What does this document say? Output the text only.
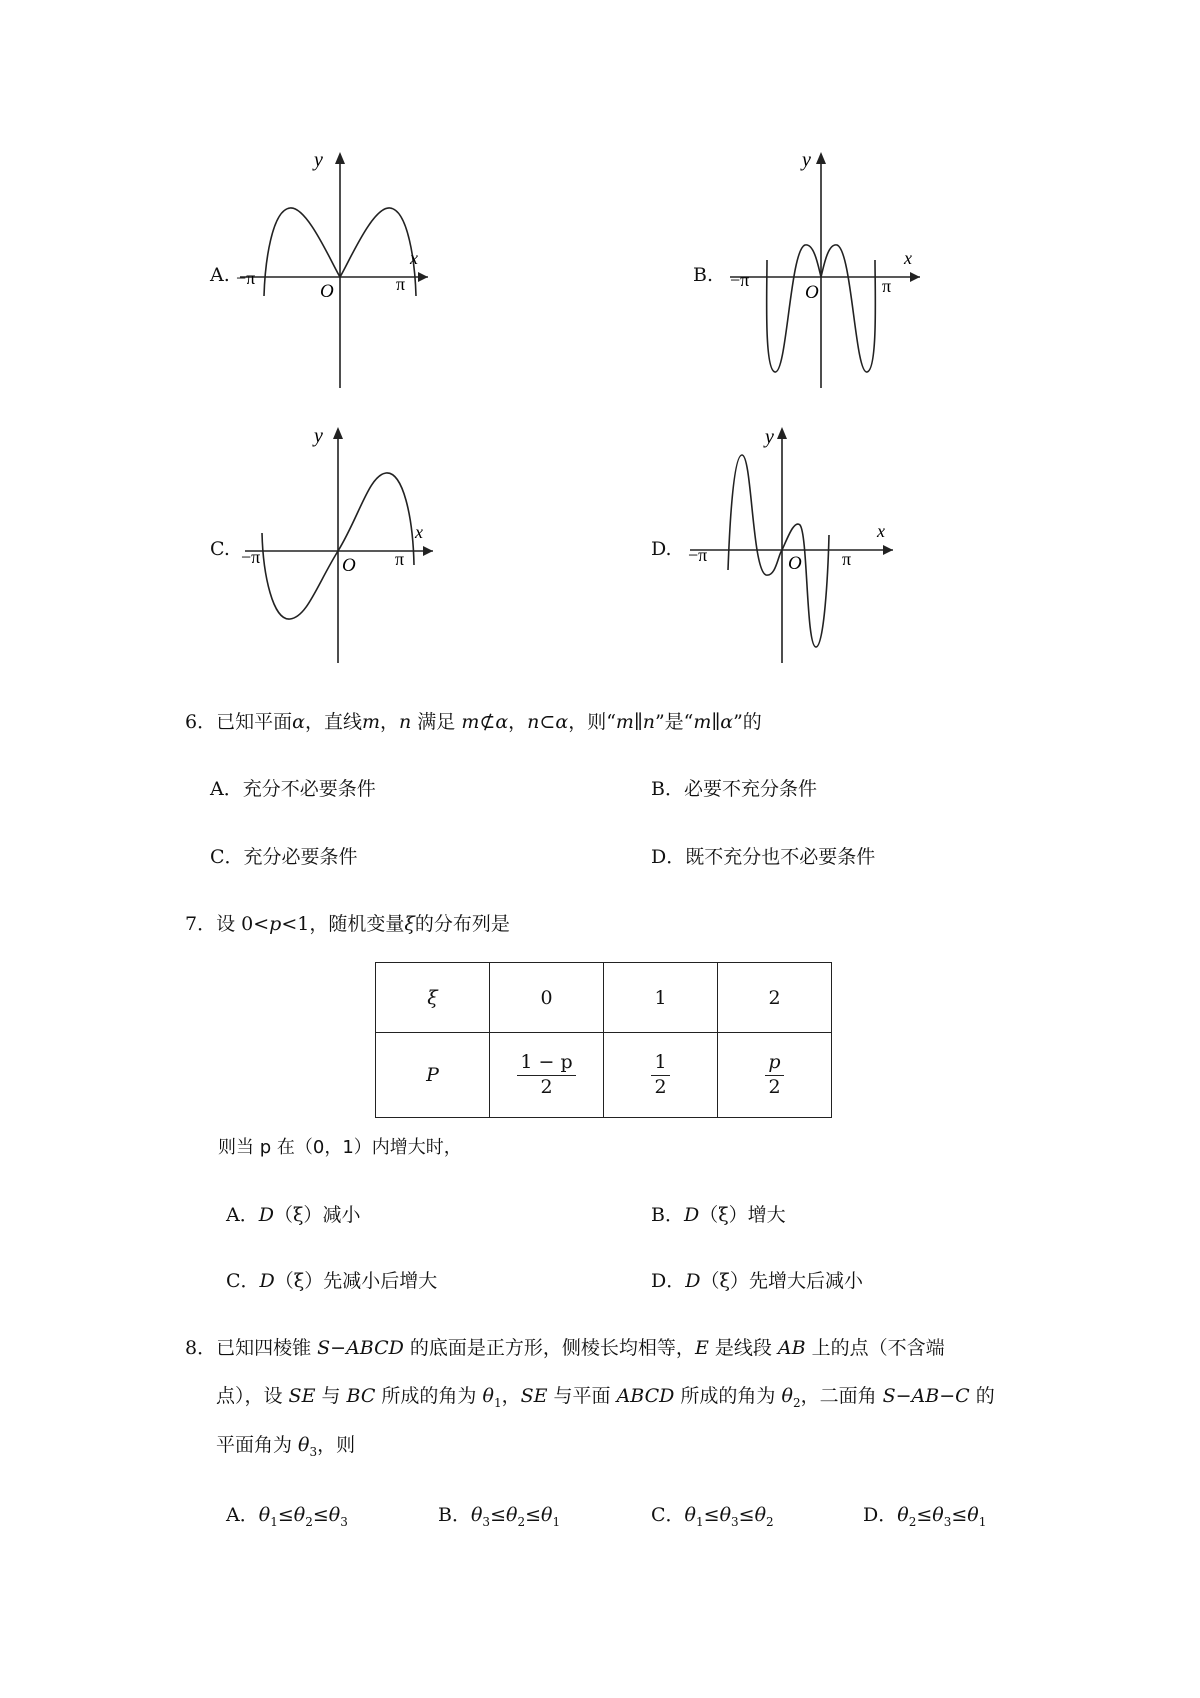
A.
y
x
O
−π	π	B.
y
x
O
−π	π
C.
y
x
O
−π	π	D.
y
x
O
−π	π
6．已知平面α，直线m，n 满足 m⊄α，n⊂α，则“m∥n”是“m∥α”的
A．充分不必要条件	B．必要不充分条件
C．充分必要条件	D．既不充分也不必要条件
7．设 0<p<1，随机变量ξ的分布列是
ξ	0	1	2
P	$\frac{1 - p}{2}$	$\frac{1}{2}$	$\frac{p}{2}$
则当 p 在（0，1）内增大时，
A．D（ξ）减小	B．D（ξ）增大
C．D（ξ）先减小后增大	D．D（ξ）先增大后减小
8．已知四棱锥 S−ABCD 的底面是正方形，侧棱长均相等，E 是线段 AB 上的点（不含端
点），设 SE 与 BC 所成的角为 $\theta_1$，SE 与平面 ABCD 所成的角为 $\theta_2$，二面角 S−AB−C 的
平面角为 $\theta_3$，则
A．$\theta_1\le\theta_2\le\theta_3$	B．$\theta_3\le\theta_2\le\theta_1$	C．$\theta_1\le\theta_3\le\theta_2$	D．$\theta_2\le\theta_3\le\theta_1$
